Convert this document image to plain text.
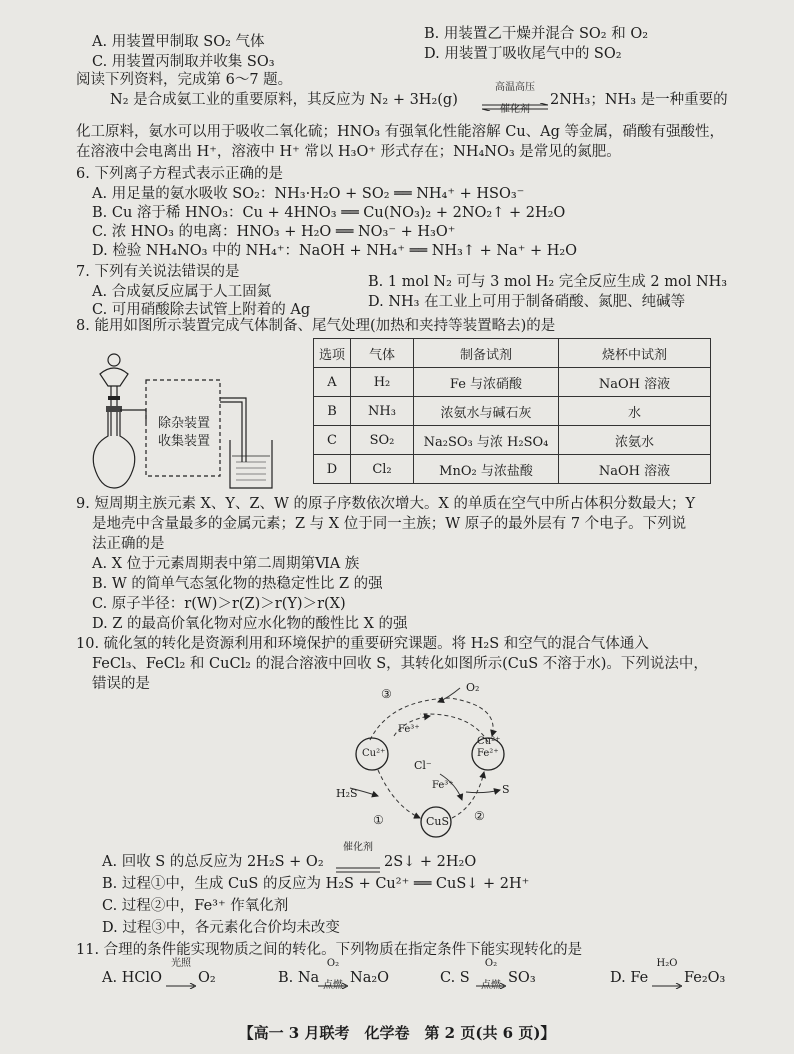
A. 用装置甲制取 SO₂ 气体	B. 用装置乙干燥并混合 SO₂ 和 O₂
C. 用装置丙制取并收集 SO₃	D. 用装置丁吸收尾气中的 SO₂
阅读下列资料，完成第 6～7 题。
N₂ 是合成氨工业的重要原料，其反应为 N₂ + 3H₂(g)
高温高压
催化剂
2NH₃；NH₃ 是一种重要的
化工原料，氨水可以用于吸收二氧化硫；HNO₃ 有强氧化性能溶解 Cu、Ag 等金属，硝酸有强酸性，
在溶液中会电离出 H⁺，溶液中 H⁺ 常以 H₃O⁺ 形式存在；NH₄NO₃ 是常见的氮肥。
6. 下列离子方程式表示正确的是
A. 用足量的氨水吸收 SO₂：NH₃·H₂O + SO₂ ══ NH₄⁺ + HSO₃⁻
B. Cu 溶于稀 HNO₃：Cu + 4HNO₃ ══ Cu(NO₃)₂ + 2NO₂↑ + 2H₂O
C. 浓 HNO₃ 的电离：HNO₃ + H₂O ══ NO₃⁻ + H₃O⁺
D. 检验 NH₄NO₃ 中的 NH₄⁺：NaOH + NH₄⁺ ══ NH₃↑ + Na⁺ + H₂O
7. 下列有关说法错误的是
A. 合成氨反应属于人工固氮
B. 1 mol N₂ 可与 3 mol H₂ 完全反应生成 2 mol NH₃
C. 可用硝酸除去试管上附着的 Ag	D. NH₃ 在工业上可用于制备硝酸、氮肥、纯碱等
8. 能用如图所示装置完成气体制备、尾气处理(加热和夹持等装置略去)的是
除杂装置
收集装置
选项	气体	制备试剂	烧杯中试剂
A	H₂	Fe 与浓硝酸	NaOH 溶液
B	NH₃	浓氨水与碱石灰	水
C	SO₂	Na₂SO₃ 与浓 H₂SO₄	浓氨水
D	Cl₂	MnO₂ 与浓盐酸	NaOH 溶液
9. 短周期主族元素 X、Y、Z、W 的原子序数依次增大。X 的单质在空气中所占体积分数最大；Y
是地壳中含量最多的金属元素；Z 与 X 位于同一主族；W 原子的最外层有 7 个电子。下列说
法正确的是
A. X 位于元素周期表中第二周期第ⅥA 族
B. W 的简单气态氢化物的热稳定性比 Z 的强
C. 原子半径：r(W)＞r(Z)＞r(Y)＞r(X)
D. Z 的最高价氧化物对应水化物的酸性比 X 的强
10. 硫化氢的转化是资源利用和环境保护的重要研究课题。将 H₂S 和空气的混合气体通入
FeCl₃、FeCl₂ 和 CuCl₂ 的混合溶液中回收 S，其转化如图所示(CuS 不溶于水)。下列说法中，
错误的是
③	O₂
Fe³⁺
Cu²⁺
Cu²⁺
Fe²⁺
Cl⁻
Fe³⁺
H₂S	S
①	②
CuS
A. 回收 S 的总反应为 2H₂S + O₂
催化剂
2S↓ + 2H₂O
B. 过程①中，生成 CuS 的反应为 H₂S + Cu²⁺ ══ CuS↓ + 2H⁺
C. 过程②中，Fe³⁺ 作氧化剂
D. 过程③中，各元素化合价均未改变
11. 合理的条件能实现物质之间的转化。下列物质在指定条件下能实现转化的是
A. HClO
光照
O₂	B. Na
O₂
点燃 Na₂O	C. S
O₂
点燃 SO₃	D. Fe
H₂O
Fe₂O₃
【高一 3 月联考　化学卷　第 2 页(共 6 页)】
